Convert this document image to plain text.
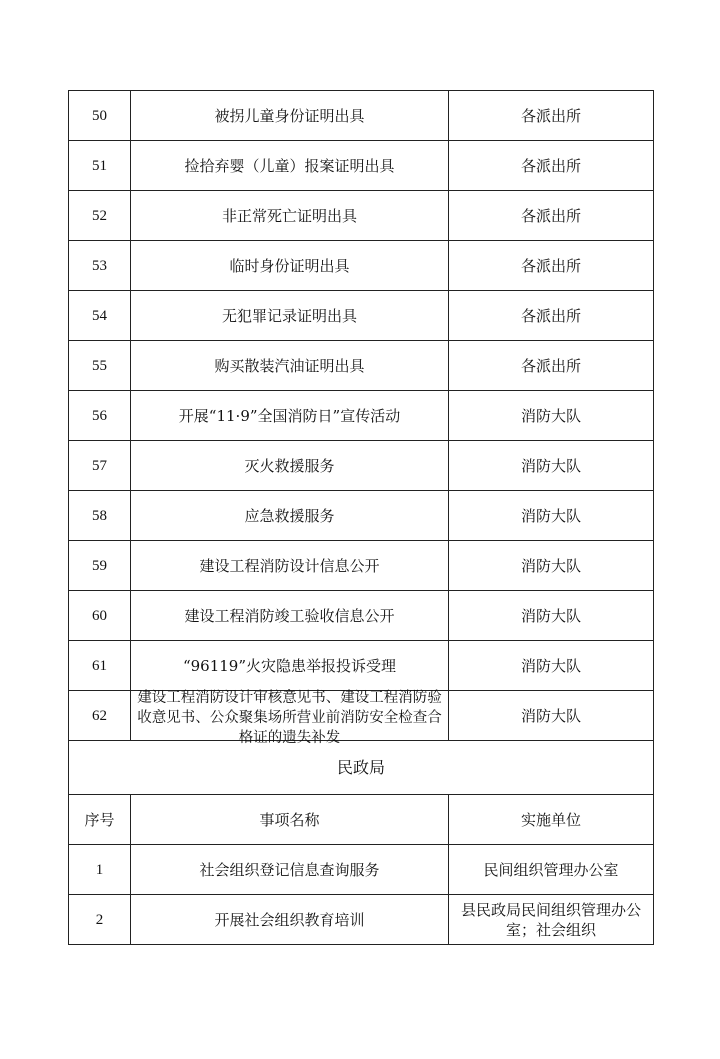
50	被拐儿童身份证明出具	各派出所
51	捡拾弃婴（儿童）报案证明出具	各派出所
52	非正常死亡证明出具	各派出所
53	临时身份证明出具	各派出所
54	无犯罪记录证明出具	各派出所
55	购买散装汽油证明出具	各派出所
56	开展“11·9”全国消防日”宣传活动	消防大队
57	灭火救援服务	消防大队
58	应急救援服务	消防大队
59	建设工程消防设计信息公开	消防大队
60	建设工程消防竣工验收信息公开	消防大队
61	“96119”火灾隐患举报投诉受理	消防大队
62	建设工程消防设计审核意见书、建设工程消防验收意见书、公众聚集场所营业前消防安全检查合格证的遗失补发	消防大队
民政局		
序号	事项名称	实施单位
1	社会组织登记信息查询服务	民间组织管理办公室
2	开展社会组织教育培训	县民政局民间组织管理办公室；社会组织
